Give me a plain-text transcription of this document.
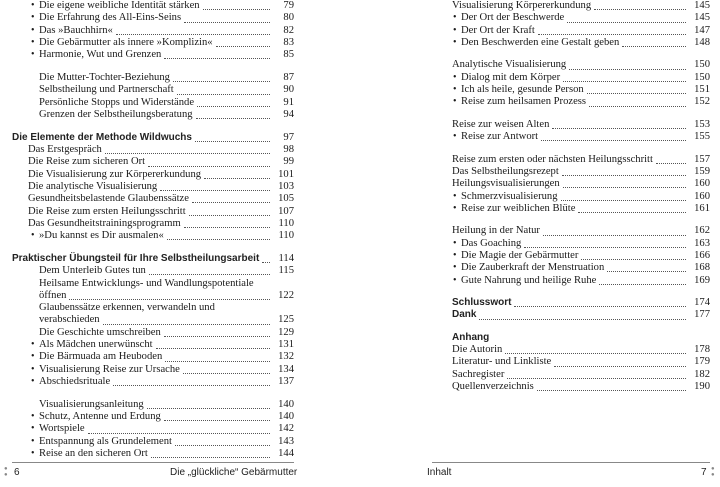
• Die eigene weibliche Identität stärken	79
• Die Erfahrung des All-Eins-Seins	80
• Das »Bauchhirn«	82
• Die Gebärmutter als innere »Komplizin«	83
• Harmonie, Wut und Grenzen	85
Die Mutter-Tochter-Beziehung	87
Selbstheilung und Partnerschaft	90
Persönliche Stopps und Widerstände	91
Grenzen der Selbstheilungsberatung	94
Die Elemente der Methode Wildwuchs	97
Das Erstgespräch	98
Die Reise zum sicheren Ort	99
Die Visualisierung zur Körpererkundung	101
Die analytische Visualisierung	103
Gesundheitsbelastende Glaubenssätze	105
Die Reise zum ersten Heilungsschritt	107
Das Gesundheitstrainingsprogramm	110
• »Du kannst es Dir ausmalen«	110
Praktischer Übungsteil für Ihre Selbstheilungsarbeit 114
Dem Unterleib Gutes tun	115
Heilsame Entwicklungs- und Wandlungspotentiale
öffnen	122
Glaubenssätze erkennen, verwandeln und
verabschieden	125
Die Geschichte umschreiben	129
• Als Mädchen unerwünscht	131
• Die Bärmuada am Heuboden	132
• Visualisierung Reise zur Ursache	134
• Abschiedsrituale	137
Visualisierungsanleitung	140
• Schutz, Antenne und Erdung	140
• Wortspiele	142
• Entspannung als Grundelement	143
• Reise an den sicheren Ort	144
Visualisierung Körpererkundung	145
• Der Ort der Beschwerde	145
• Der Ort der Kraft	147
• Den Beschwerden eine Gestalt geben	148
Analytische Visualisierung	150
• Dialog mit dem Körper	150
• Ich als heile, gesunde Person	151
• Reise zum heilsamen Prozess	152
Reise zur weisen Alten	153
• Reise zur Antwort	155
Reise zum ersten oder nächsten Heilungsschritt	157
Das Selbstheilungsrezept	159
Heilungsvisualisierungen	160
• Schmerzvisualisierung	160
• Reise zur weiblichen Blüte	161
Heilung in der Natur	162
• Das Goaching	163
• Die Magie der Gebärmutter	166
• Die Zauberkraft der Menstruation	168
• Gute Nahrung und heilige Ruhe	169
Schlusswort	174
Dank	177
Anhang
Die Autorin	178
Literatur- und Linkliste	179
Sachregister	182
Quellenverzeichnis	190
●
● 6	Die „glückliche“ Gebärmutter	Inhalt	7 ●
●
